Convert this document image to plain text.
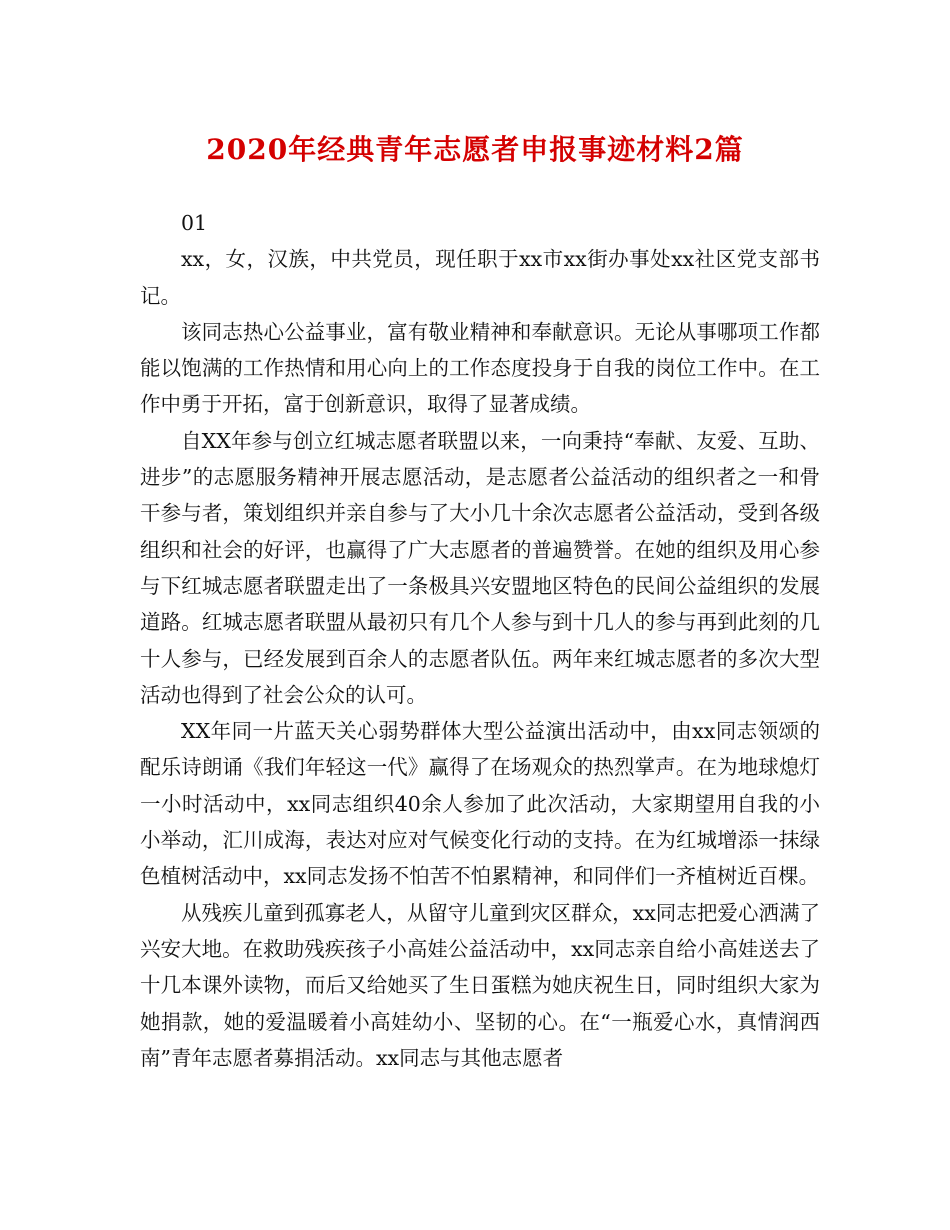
2020年经典青年志愿者申报事迹材料2篇

01

xx，女，汉族，中共党员，现任职于xx市xx街办事处xx社区党支部书记。

该同志热心公益事业，富有敬业精神和奉献意识。无论从事哪项工作都能以饱满的工作热情和用心向上的工作态度投身于自我的岗位工作中。在工作中勇于开拓，富于创新意识，取得了显著成绩。

自XX年参与创立红城志愿者联盟以来，一向秉持“奉献、友爱、互助、进步”的志愿服务精神开展志愿活动，是志愿者公益活动的组织者之一和骨干参与者，策划组织并亲自参与了大小几十余次志愿者公益活动，受到各级组织和社会的好评，也赢得了广大志愿者的普遍赞誉。在她的组织及用心参与下红城志愿者联盟走出了一条极具兴安盟地区特色的民间公益组织的发展道路。红城志愿者联盟从最初只有几个人参与到十几人的参与再到此刻的几十人参与，已经发展到百余人的志愿者队伍。两年来红城志愿者的多次大型活动也得到了社会公众的认可。

XX年同一片蓝天关心弱势群体大型公益演出活动中，由xx同志领颂的配乐诗朗诵《我们年轻这一代》赢得了在场观众的热烈掌声。在为地球熄灯一小时活动中，xx同志组织40余人参加了此次活动，大家期望用自我的小小举动，汇川成海，表达对应对气候变化行动的支持。在为红城增添一抹绿色植树活动中，xx同志发扬不怕苦不怕累精神，和同伴们一齐植树近百棵。

从残疾儿童到孤寡老人，从留守儿童到灾区群众，xx同志把爱心洒满了兴安大地。在救助残疾孩子小高娃公益活动中，xx同志亲自给小高娃送去了十几本课外读物，而后又给她买了生日蛋糕为她庆祝生日，同时组织大家为她捐款，她的爱温暖着小高娃幼小、坚韧的心。在“一瓶爱心水，真情润西南”青年志愿者募捐活动。xx同志与其他志愿者
